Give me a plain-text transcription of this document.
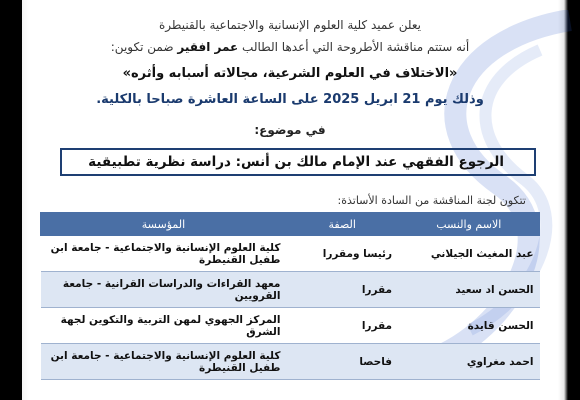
يعلن عميد كلية العلوم الإنسانية والاجتماعية بالقنيطرة
أنه ستتم مناقشة الأطروحة التي أعدها الطالب عمر افقير ضمن تكوين:
«الاختلاف في العلوم الشرعية، مجالاته أسبابه وأثره»
وذلك يوم 21 ابريل 2025 على الساعة العاشرة صباحا بالكلية.
في موضوع:
الرجوع الفقهي عند الإمام مالك بن أنس: دراسة نظرية تطبيقية
تتكون لجنة المناقشة من السادة الأساتذة:
الاسم والنسب	الصفة	المؤسسة
عبد المغيث الجيلاني	رئيسا ومقررا	كلية العلوم الإنسانية والاجتماعية - جامعة ابن طفيل القنيطرة
الحسن اد سعيد	مقررا	معهد القراءات والدراسات القرانية - جامعة القرويين
الحسن قايدة	مقررا	المركز الجهوي لمهن التربية والتكوين لجهة الشرق
احمد مغراوي	فاحصا	كلية العلوم الإنسانية والاجتماعية - جامعة ابن طفيل القنيطرة
